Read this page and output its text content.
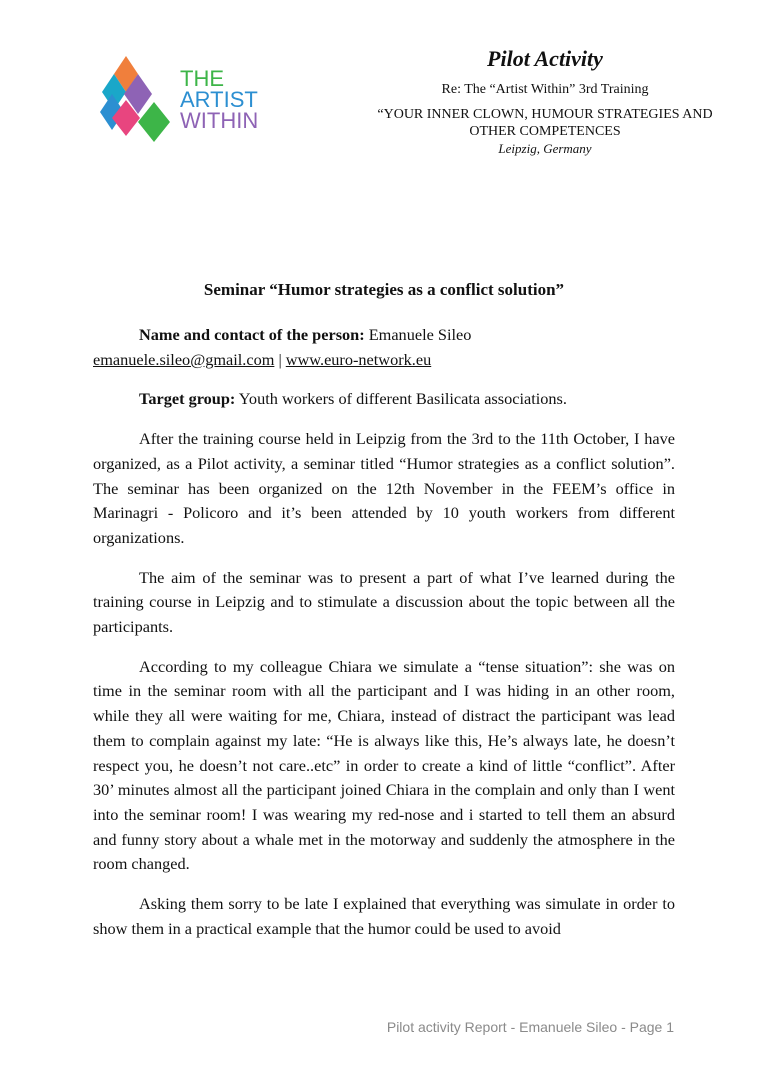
THE
ARTIST
WITHIN

Pilot Activity

Re: The “Artist Within” 3rd Training

“YOUR INNER CLOWN, HUMOUR STRATEGIES AND OTHER COMPETENCES

Leipzig, Germany

Seminar “Humor strategies as a conflict solution”
Name and contact of the person: Emanuele Sileo
emanuele.sileo@gmail.com | www.euro-network.eu

Target group: Youth workers of different Basilicata associations.

After the training course held in Leipzig from the 3rd to the 11th October, I have organized, as a Pilot activity, a seminar titled “Humor strategies as a conflict solution”. The seminar has been organized on the 12th November in the FEEM’s office in Marinagri - Policoro and it’s been attended by 10 youth workers from different organizations.

The aim of the seminar was to present a part of what I’ve learned during the training course in Leipzig and to stimulate a discussion about the topic between all the participants.

According to my colleague Chiara we simulate a “tense situation”: she was on time in the seminar room with all the participant and I was hiding in an other room, while they all were waiting for me, Chiara, instead of distract the participant was lead them to complain against my late: “He is always like this, He’s always late, he doesn’t respect you, he doesn’t not care..etc” in order to create a kind of little “conflict”. After 30’ minutes almost all the participant joined Chiara in the complain and only than I went into the seminar room! I was wearing my red-nose and i started to tell them an absurd and funny story about a whale met in the motorway and suddenly the atmosphere in the room changed.

Asking them sorry to be late I explained that everything was simulate in order to show them in a practical example that the humor could be used to avoid

Pilot activity Report - Emanuele Sileo - Page 1
